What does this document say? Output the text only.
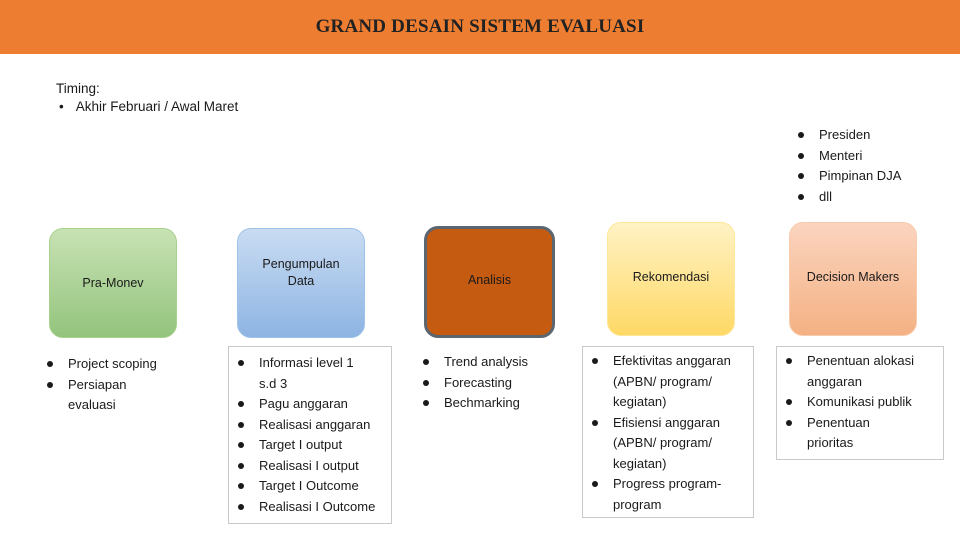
GRAND DESAIN SISTEM EVALUASI
Timing:
• Akhir Februari / Awal Maret
Presiden
Menteri
Pimpinan DJA
dll
Pra-Monev
Pengumpulan Data	Analisis	Rekomendasi	Decision Makers
Project scoping
Persiapan evaluasi
Informasi level 1 s.d 3
Pagu anggaran
Realisasi anggaran
Target I output
Realisasi I output
Target I Outcome
Realisasi I Outcome
Trend analysis
Forecasting
Bechmarking
Efektivitas anggaran (APBN/ program/ kegiatan)
Efisiensi anggaran (APBN/ program/ kegiatan)
Progress program-program
Penentuan alokasi anggaran
Komunikasi publik
Penentuan prioritas
